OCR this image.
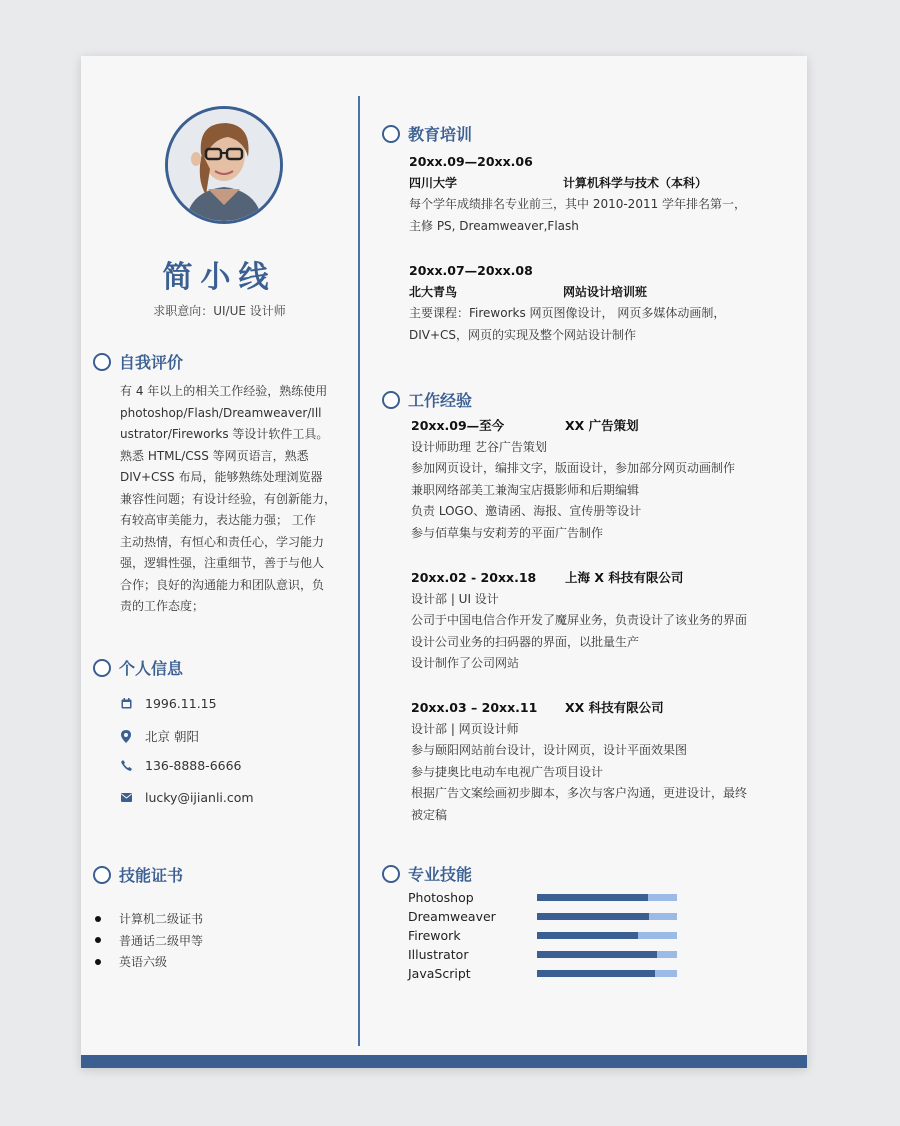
简小线
求职意向：UI/UE 设计师
自我评价
有 4 年以上的相关工作经验，熟练使用
photoshop/Flash/Dreamweaver/Ill
ustrator/Fireworks 等设计软件工具。
熟悉 HTML/CSS 等网页语言，熟悉
DIV+CSS 布局，能够熟练处理浏览器
兼容性问题；有设计经验，有创新能力，
有较高审美能力，表达能力强； 工作
主动热情，有恒心和责任心，学习能力
强，逻辑性强，注重细节，善于与他人
合作；良好的沟通能力和团队意识，负
责的工作态度；
个人信息
1996.11.15
北京 朝阳
136-8888-6666
lucky@ijianli.com
技能证书
计算机二级证书
普通话二级甲等
英语六级
教育培训
20xx.09—20xx.06
四川大学	计算机科学与技术（本科）
每个学年成绩排名专业前三，其中 2010-2011 学年排名第一，
主修 PS, Dreamweaver,Flash
20xx.07—20xx.08
北大青鸟	网站设计培训班
主要课程：Fireworks 网页图像设计， 网页多媒体动画制，
DIV+CS，网页的实现及整个网站设计制作
工作经验
20xx.09—至今	XX 广告策划
设计师助理 艺谷广告策划
参加网页设计，编排文字，版面设计，参加部分网页动画制作
兼职网络部美工兼淘宝店摄影师和后期编辑
负责 LOGO、邀请函、海报、宣传册等设计
参与佰草集与安莉芳的平面广告制作
20xx.02 - 20xx.18 上海 X 科技有限公司
设计部 | UI 设计
公司于中国电信合作开发了魔屏业务，负责设计了该业务的界面
设计公司业务的扫码器的界面，以批量生产
设计制作了公司网站
20xx.03 – 20xx.11 XX 科技有限公司
设计部 | 网页设计师
参与颐阳网站前台设计，设计网页，设计平面效果图
参与捷奥比电动车电视广告项目设计
根据广告文案绘画初步脚本，多次与客户沟通，更进设计，最终
被定稿
专业技能
Photoshop
Dreamweaver
Firework
Illustrator
JavaScript
